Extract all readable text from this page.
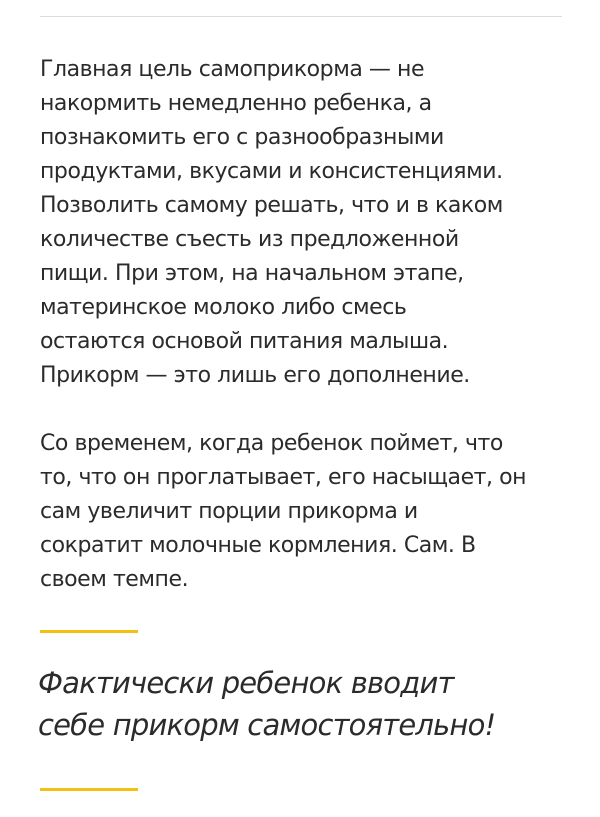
Главная цель самоприкорма — не
накормить немедленно ребенка, а
познакомить его с разнообразными
продуктами, вкусами и консистенциями.
Позволить самому решать, что и в каком
количестве съесть из предложенной
пищи. При этом, на начальном этапе,
материнское молоко либо смесь
остаются основой питания малыша.
Прикорм — это лишь его дополнение.

Со временем, когда ребенок поймет, что
то, что он проглатывает, его насыщает, он
сам увеличит порции прикорма и
сократит молочные кормления. Сам. В
своем темпе.

Фактически ребенок вводит
себе прикорм самостоятельно!
